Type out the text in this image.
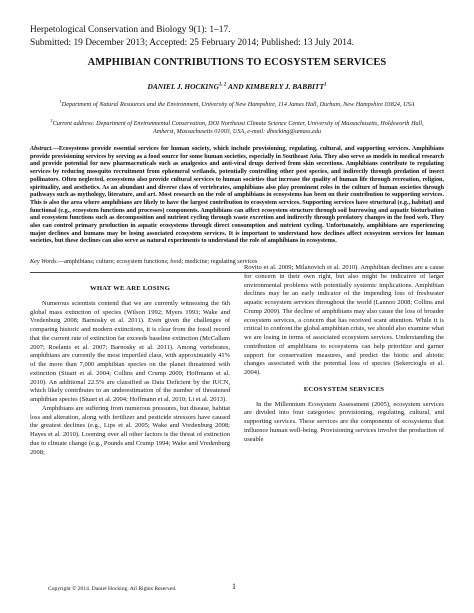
Herpetological Conservation and Biology 9(1): 1–17.
Submitted: 19 December 2013; Accepted: 25 February 2014; Published: 13 July 2014.
AMPHIBIAN CONTRIBUTIONS TO ECOSYSTEM SERVICES
DANIEL J. HOCKING$^{1, 2}$ AND KIMBERLY J. BABBITT$^1$
$^1$Department of Natural Resources and the Environment, University of New Hampshire, 114 James Hall, Durham, New Hampshire 03824, USA
$^2$Current address: Department of Environmental Conservation, DOI Northeast Climate Science Center, University of Massachusetts, Holdsworth Hall, Amherst, Massachusetts 01003, USA, e-mail: dhocking@umass.edu
Abstract.—Ecosystems provide essential services for human society, which include provisioning, regulating, cultural, and supporting services. Amphibians provide provisioning services by serving as a food source for some human societies, especially in Southeast Asia. They also serve as models in medical research and provide potential for new pharmaceuticals such as analgesics and anti-viral drugs derived from skin secretions. Amphibians contribute to regulating services by reducing mosquito recruitment from ephemeral wetlands, potentially controlling other pest species, and indirectly through predation of insect pollinators. Often neglected, ecosystems also provide cultural services to human societies that increase the quality of human life through recreation, religion, spirituality, and aesthetics. As an abundant and diverse class of vertebrates, amphibians also play prominent roles in the culture of human societies through pathways such as mythology, literature, and art. Most research on the role of amphibians in ecosystems has been on their contribution to supporting services. This is also the area where amphibians are likely to have the largest contribution to ecosystem services. Supporting services have structural (e.g., habitat) and functional (e.g., ecosystem functions and processes) components. Amphibians can affect ecosystem structure through soil burrowing and aquatic bioturbation and ecosystem functions such as decomposition and nutrient cycling through waste excretion and indirectly through predatory changes in the food web. They also can control primary production in aquatic ecosystems through direct consumption and nutrient cycling. Unfortunately, amphibians are experiencing major declines and humans may be losing associated ecosystem services. It is important to understand how declines affect ecosystem services for human societies, but these declines can also serve as natural experiments to understand the role of amphibians in ecosystems.
Key Words.—amphibians; culture; ecosystem functions; food; medicine; regulating services

WHAT WE ARE LOSING

Numerous scientists contend that we are currently witnessing the 6th global mass extinction of species (Wilson 1992; Myers 1993; Wake and Vredenburg 2008; Barnosky et al. 2011). Even given the challenges of comparing historic and modern extinctions, it is clear from the fossil record that the current rate of extinction far exceeds baseline extinction (McCallum 2007; Roelants et al. 2007; Barnosky et al. 2011). Among vertebrates, amphibians are currently the most imperiled class, with approximately 41% of the more than 7,000 amphibian species on the planet threatened with extinction (Stuart et al. 2004; Collins and Crump 2009; Hoffmann et al. 2010). An additional 22.5% are classified as Data Deficient by the IUCN, which likely contributes to an underestimation of the number of threatened amphibian species (Stuart et al. 2004; Hoffmann et al. 2010; Li et al. 2013).

Amphibians are suffering from numerous pressures, but disease, habitat loss and alteration, along with fertilizer and pesticide stressors have caused the greatest declines (e.g., Lips et al. 2005; Wake and Vredenburg 2008; Hayes et al. 2010). Looming over all other factors is the threat of extinction due to climate change (e.g., Pounds and Crump 1994; Wake and Vredenburg 2008;

Rovito et al. 2009; Milanovich et al. 2010). Amphibian declines are a cause for concern in their own right, but also might be indicative of larger environmental problems with potentially systemic implications. Amphibian declines may be an early indicator of the impending loss of freshwater aquatic ecosystem services throughout the world (Lannoo 2008; Collins and Crump 2009). The decline of amphibians may also cause the loss of broader ecosystem services, a concern that has received scant attention. While it is critical to confront the global amphibian crisis, we should also examine what we are losing in terms of associated ecosystem services. Understanding the contribution of amphibians to ecosystems can help prioritize and garner support for conservation measures, and predict the biotic and abiotic changes associated with the potential loss of species (Sekercioglu et al. 2004).

ECOSYSTEM SERVICES

In the Millennium Ecosystem Assessment (2005), ecosystem services are divided into four categories: provisioning, regulating, cultural, and supporting services. These services are the components of ecosystems that influence human well-being. Provisioning services involve the production of useable

Copyright © 2014. Daniel Hocking. All Rights Reserved.	1
